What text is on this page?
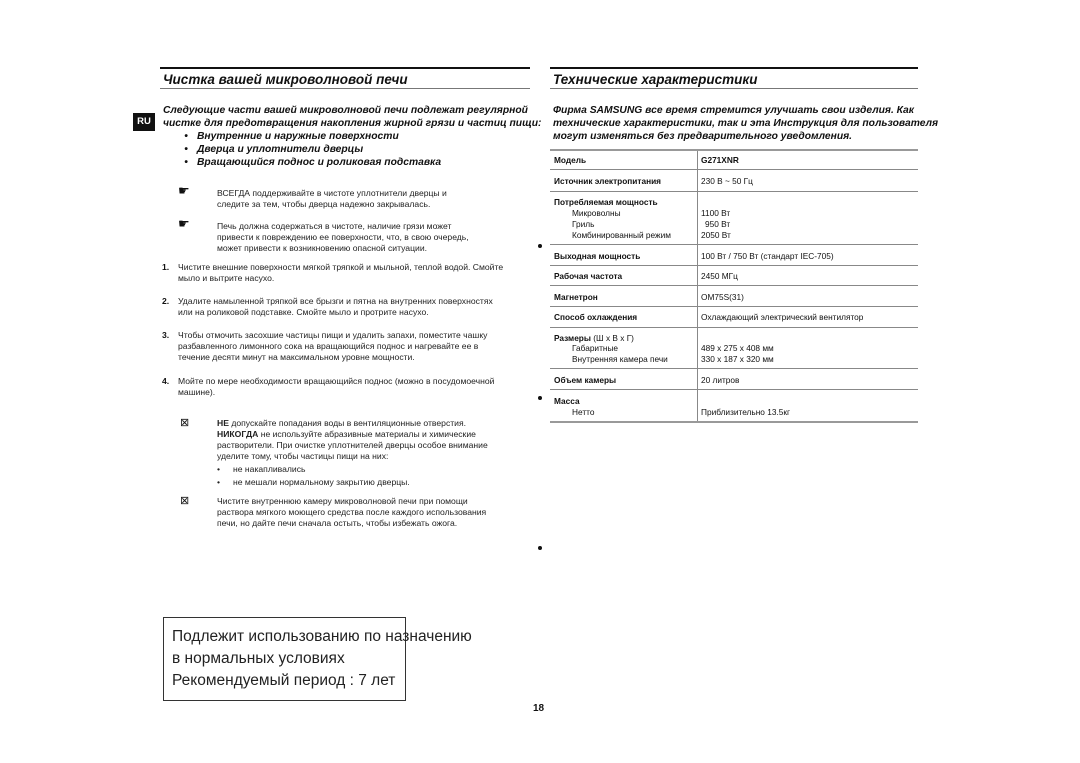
Чистка вашей микроволновой печи
RU
Следующие части вашей микроволновой печи подлежат регулярной
чистке для предотвращения накопления жирной грязи и частиц пищи:
• Внутренние и наружные поверхности
• Дверца и уплотнители дверцы
• Вращающийся поднос и роликовая подставка
☛	ВСЕГДА поддерживайте в чистоте уплотнители дверцы и
следите за тем, чтобы дверца надежно закрывалась.
☛	Печь должна содержаться в чистоте, наличие грязи может
привести к повреждению ее поверхности, что, в свою очередь,
может привести к возникновению опасной ситуации.
1. Чистите внешние поверхности мягкой тряпкой и мыльной, теплой водой. Смойте
мыло и вытрите насухо.
2. Удалите намыленной тряпкой все брызги и пятна на внутренних поверхностях
или на роликовой подставке. Смойте мыло и протрите насухо.
3. Чтобы отмочить засохшие частицы пищи и удалить запахи, поместите чашку
разбавленного лимонного сока на вращающийся поднос и нагревайте ее в
течение десяти минут на максимальном уровне мощности.
4. Мойте по мере необходимости вращающийся поднос (можно в посудомоечной
машине).
⊠	НЕ допускайте попадания воды в вентиляционные отверстия.
НИКОГДА не используйте абразивные материалы и химические
растворители. При очистке уплотнителей дверцы особое внимание
уделите тому, чтобы частицы пищи на них:
• не накапливались
• не мешали нормальному закрытию дверцы.
⊠	Чистите внутреннюю камеру микроволновой печи при помощи
раствора мягкого моющего средства после каждого использования
печи, но дайте печи сначала остыть, чтобы избежать ожога.
Подлежит использованию по назначению
в нормальных условиях
Рекомендуемый период : 7 лет
Технические характеристики
Фирма SAMSUNG все время стремится улучшать свои изделия. Как
технические характеристики, так и эта Инструкция для пользователя
могут изменяться без предварительного уведомления.
Модель	G271XNR
Источник электропитания	230 В ~ 50 Гц
Потребляемая мощность
Микроволны	1100 Вт
Гриль	950 Вт
Комбинированный режим	2050 Вт
Выходная мощность	100 Вт / 750 Вт (стандарт IEC-705)
Рабочая частота	2450 МГц
Магнетрон	OM75S(31)
Способ охлаждения	Охлаждающий электрический вентилятор
Размеры (Ш x В x Г)
Габаритные	489 x 275 x 408 мм
Внутренняя камера печи	330 x 187 x 320 мм
Объем камеры	20 литров
Масса
Нетто	Приблизительно 13.5кг
18
